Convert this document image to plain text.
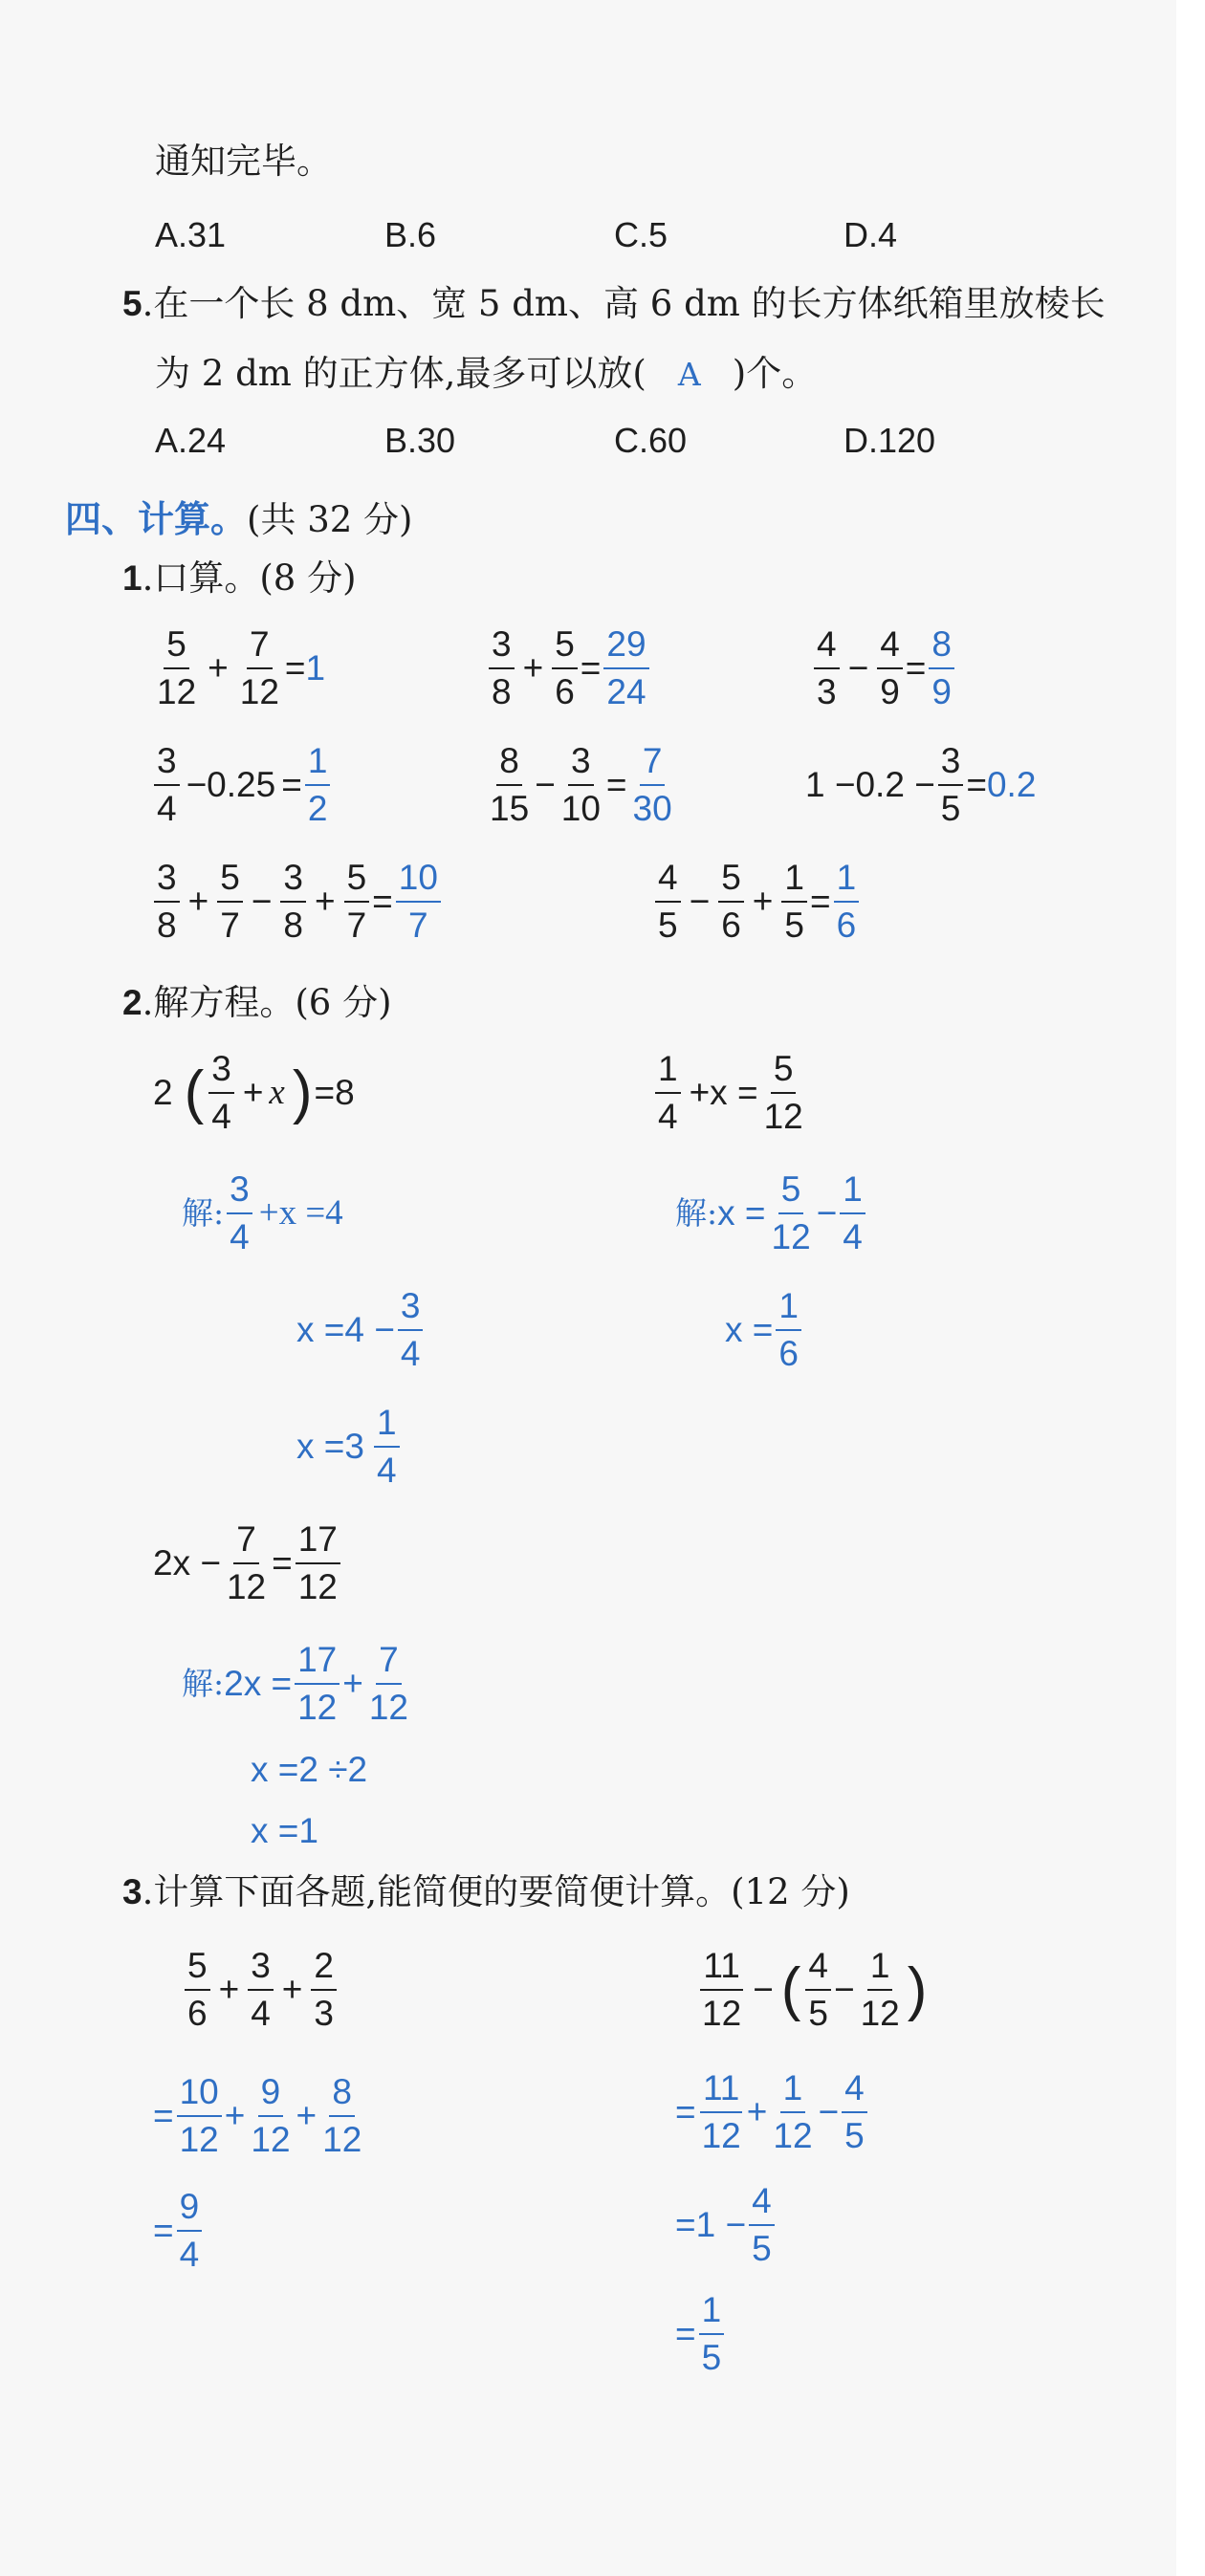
通知完毕。
A.31	B.6	C.5	D.4
5.在一个长 8 dm、宽 5 dm、高 6 dm 的长方体纸箱里放棱长
为 2 dm 的正方体,最多可以放( A )个。
A.24	B.30	C.60	D.120
四、计算。(共 32 分)
1.口算。(8 分)
$\frac{5}{12} + \frac{7}{12} = 1$	$\frac{3}{8} + \frac{5}{6} = \frac{29}{24}$	$\frac{4}{3} - \frac{4}{9} = \frac{8}{9}$
$\frac{3}{4} -0.25 = \frac{1}{2}$	$\frac{8}{15} - \frac{3}{10} = \frac{7}{30}$	$1 -0.2 - \frac{3}{5} = 0.2$
$\frac{3}{8} + \frac{5}{7} - \frac{3}{8} + \frac{5}{7} = \frac{10}{7}$	$\frac{4}{5} - \frac{5}{6} + \frac{1}{5} = \frac{1}{6}$
2.解方程。(6 分)
2 ( $\frac{3}{4} + x$ ) =8
解: $\frac{3}{4} +x =4$
$x =4 - \frac{3}{4}$
$x =3 \frac{1}{4}$
$\frac{1}{4} +x = \frac{5}{12}$
解: $x = \frac{5}{12} - \frac{1}{4}$
$x = \frac{1}{6}$
$2x - \frac{7}{12} = \frac{17}{12}$
解: $2x = \frac{17}{12} + \frac{7}{12}$
x =2 ÷2
x =1
3.计算下面各题,能简便的要简便计算。(12 分)
$\frac{5}{6} + \frac{3}{4} + \frac{2}{3}$
= $\frac{10}{12} + \frac{9}{12} + \frac{8}{12}$
= $\frac{9}{4}$
$\frac{11}{12}$ − ( $\frac{4}{5} - \frac{1}{12}$ )
= $\frac{11}{12} + \frac{1}{12} - \frac{4}{5}$
$=1 - \frac{4}{5}$
= $\frac{1}{5}$
